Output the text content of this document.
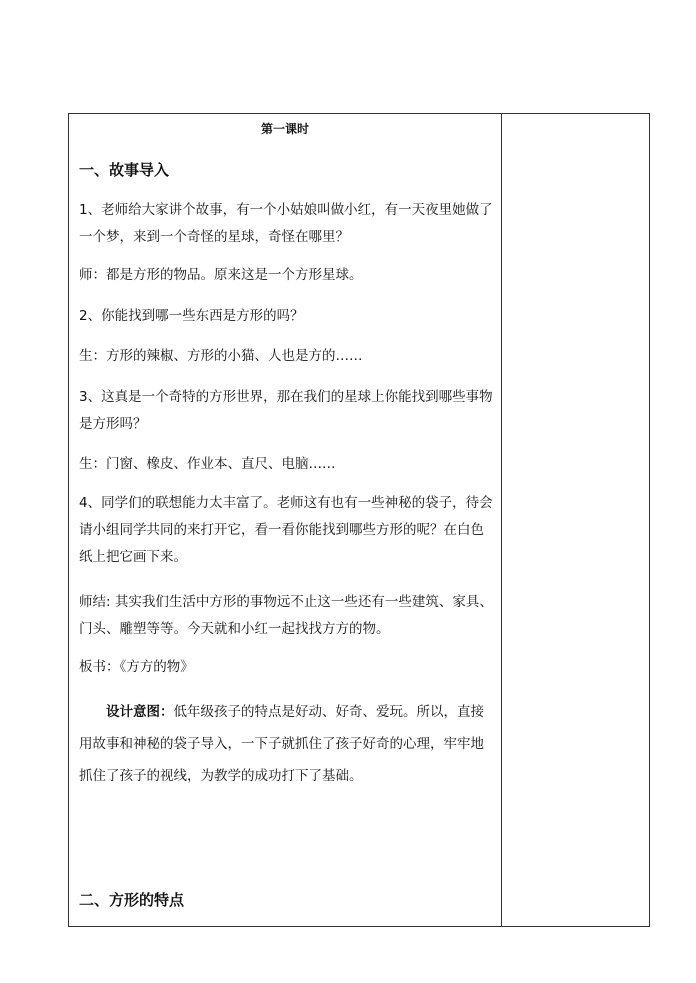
第一课时
一、故事导入

1、老师给大家讲个故事，有一个小姑娘叫做小红，有一天夜里她做了一个梦，来到一个奇怪的星球，奇怪在哪里？

师：都是方形的物品。原来这是一个方形星球。

2、你能找到哪一些东西是方形的吗？

生：方形的辣椒、方形的小猫、人也是方的……

3、这真是一个奇特的方形世界，那在我们的星球上你能找到哪些事物是方形吗？

生：门窗、橡皮、作业本、直尺、电脑……

4、同学们的联想能力太丰富了。老师这有也有一些神秘的袋子，待会请小组同学共同的来打开它，看一看你能找到哪些方形的呢？在白色纸上把它画下来。

师结: 其实我们生活中方形的事物远不止这一些还有一些建筑、家具、门头、雕塑等等。今天就和小红一起找找方方的物。

板书：《方方的物》

设计意图：低年级孩子的特点是好动、好奇、爱玩。所以，直接用故事和神秘的袋子导入，一下子就抓住了孩子好奇的心理，牢牢地抓住了孩子的视线，为教学的成功打下了基础。
二、方形的特点
